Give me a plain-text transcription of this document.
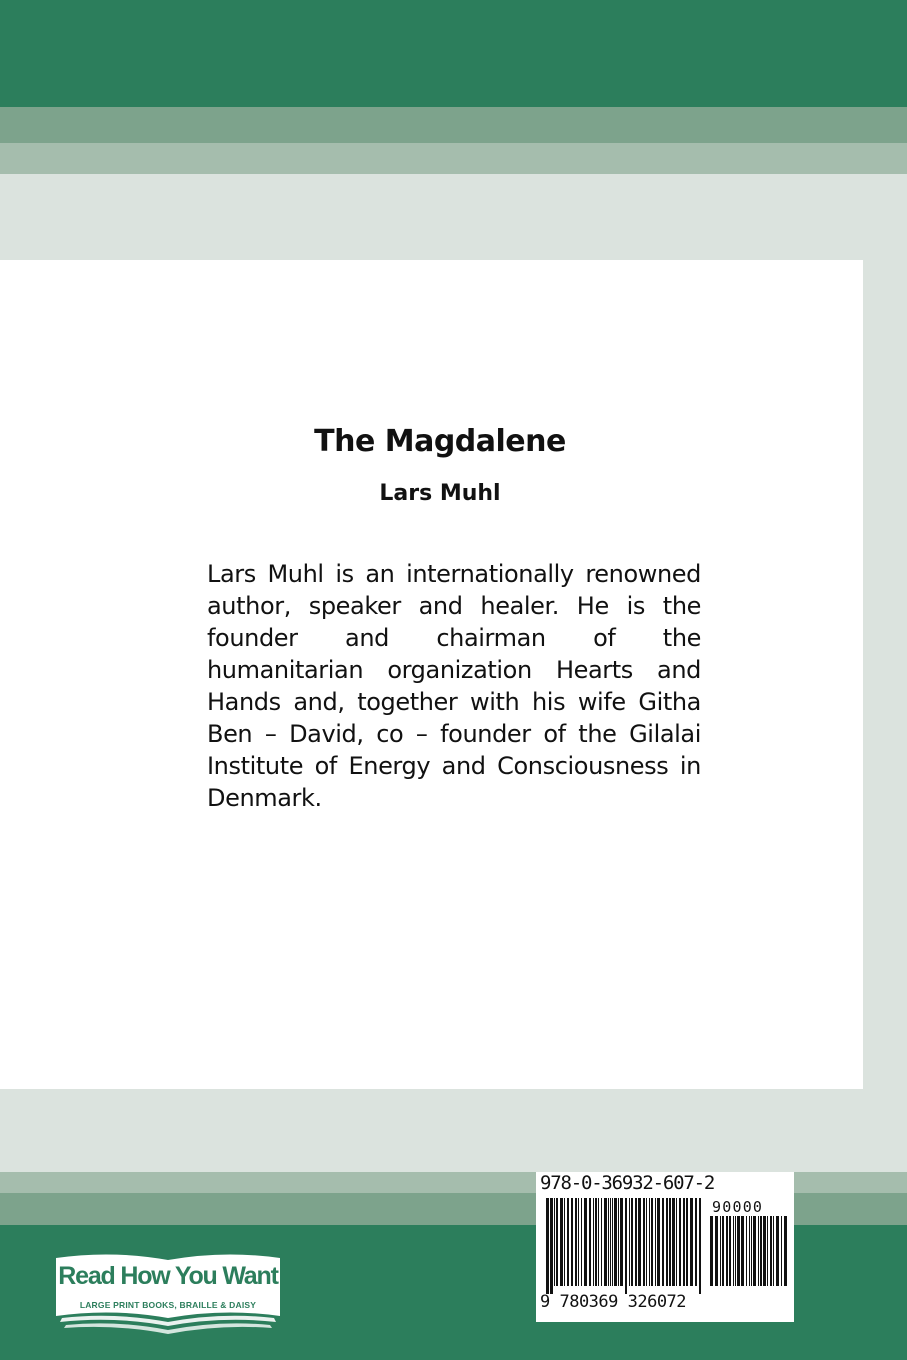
The Magdalene
Lars Muhl
Lars Muhl is an internationally renowned author, speaker and healer. He is the founder and chairman of the humanitarian organization Hearts and Hands and, together with his wife Githa Ben – David, co – founder of the Gilalai Institute of Energy and Consciousness in Denmark.
Read How You Want
LARGE PRINT BOOKS, BRAILLE & DAISY
978-0-36932-607-2
90000
9 780369 326072
